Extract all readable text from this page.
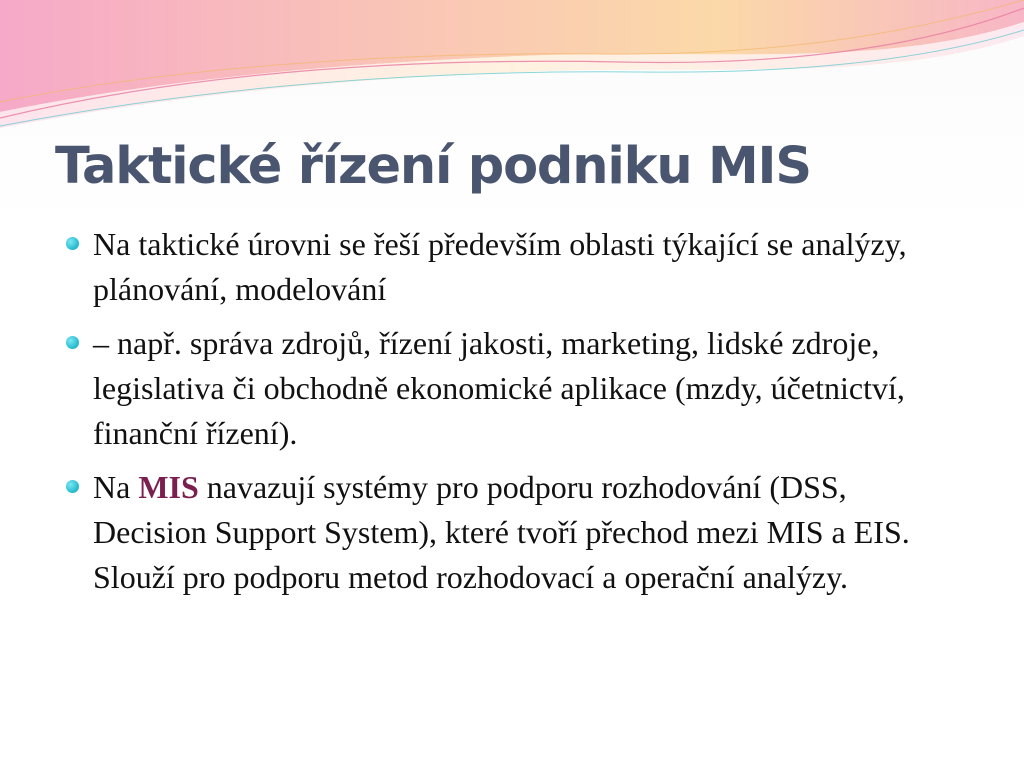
Taktické řízení podniku MIS
Na taktické úrovni se řeší především oblasti týkající se analýzy, plánování, modelování
– např. správa zdrojů, řízení jakosti, marketing, lidské zdroje, legislativa či obchodně ekonomické aplikace (mzdy, účetnictví, finanční řízení).
Na MIS navazují systémy pro podporu rozhodování (DSS, Decision Support System), které tvoří přechod mezi MIS a EIS. Slouží pro podporu metod rozhodovací a operační analýzy.
